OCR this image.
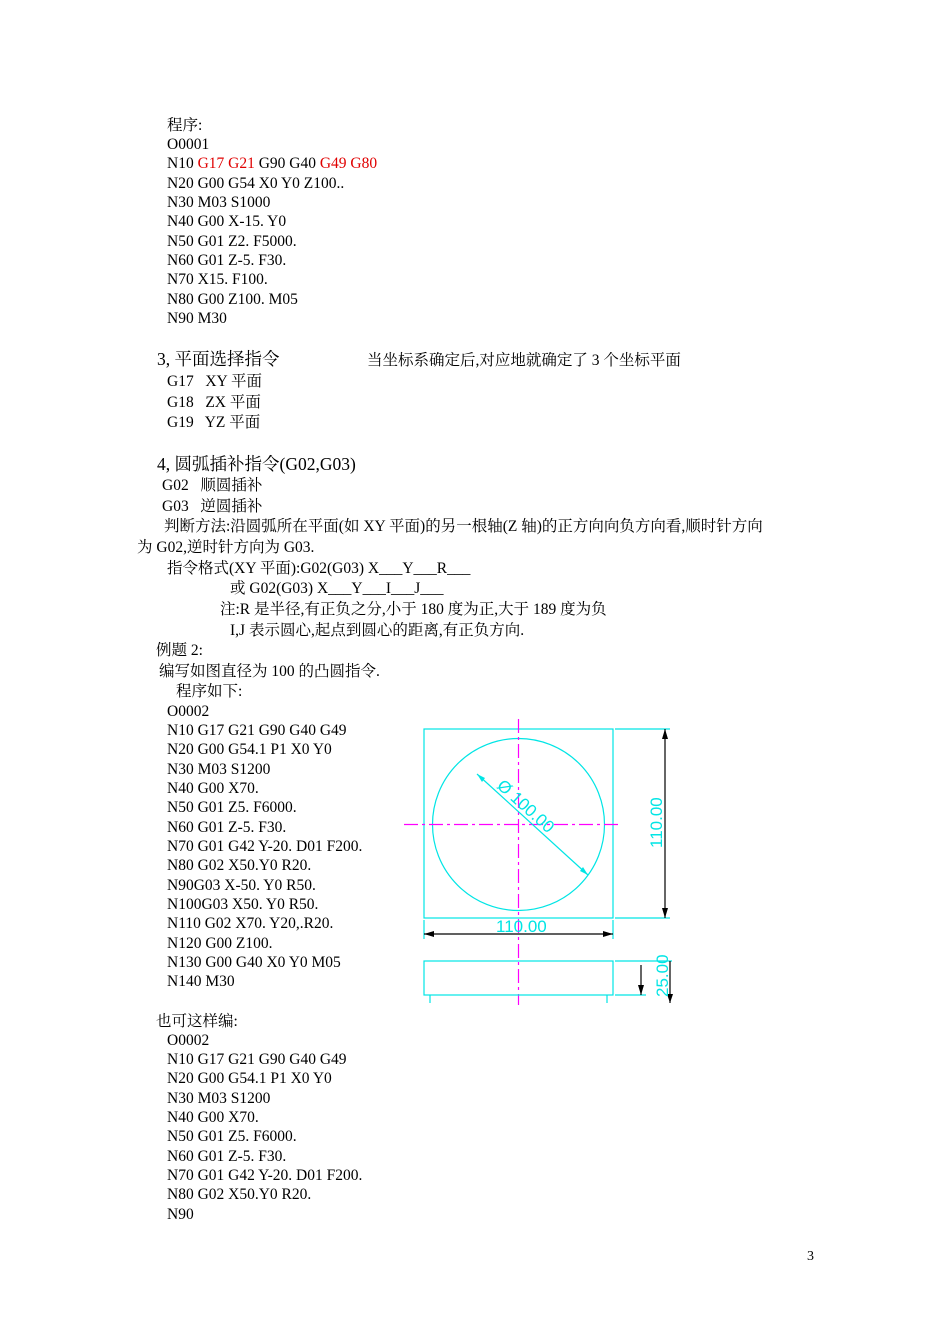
程序:
O0001
N10 G17 G21 G90 G40 G49 G80
N20 G00 G54 X0 Y0 Z100..
N30 M03 S1000
N40 G00 X-15. Y0
N50 G01 Z2. F5000.
N60 G01 Z-5. F30.
N70 X15. F100.
N80 G00 Z100. M05
N90 M30
3, 平面选择指令	当坐标系确定后,对应地就确定了 3 个坐标平面
G17   XY 平面
G18   ZX 平面
G19   YZ 平面
4, 圆弧插补指令(G02,G03)
G02   顺圆插补
G03   逆圆插补
判断方法:沿圆弧所在平面(如 XY 平面)的另一根轴(Z 轴)的正方向向负方向看,顺时针方向
为 G02,逆时针方向为 G03.
指令格式(XY 平面):G02(G03) X___Y___R___
或 G02(G03) X___Y___I___J___
注:R 是半径,有正负之分,小于 180 度为正,大于 189 度为负
I,J 表示圆心,起点到圆心的距离,有正负方向.
例题 2:
编写如图直径为 100 的凸圆指令.
程序如下:
O0002
N10 G17 G21 G90 G40 G49
N20 G00 G54.1 P1 X0 Y0
N30 M03 S1200
N40 G00 X70.
N50 G01 Z5. F6000.
N60 G01 Z-5. F30.
N70 G01 G42 Y-20. D01 F200.
N80 G02 X50.Y0 R20.
N90G03 X-50. Y0 R50.
N100G03 X50. Y0 R50.
N110 G02 X70. Y20,.R20.
N120 G00 Z100.
N130 G00 G40 X0 Y0 M05
N140 M30
Ø 100.00	110.00
110.00
25.00
也可这样编:
O0002
N10 G17 G21 G90 G40 G49
N20 G00 G54.1 P1 X0 Y0
N30 M03 S1200
N40 G00 X70.
N50 G01 Z5. F6000.
N60 G01 Z-5. F30.
N70 G01 G42 Y-20. D01 F200.
N80 G02 X50.Y0 R20.
N90
3
